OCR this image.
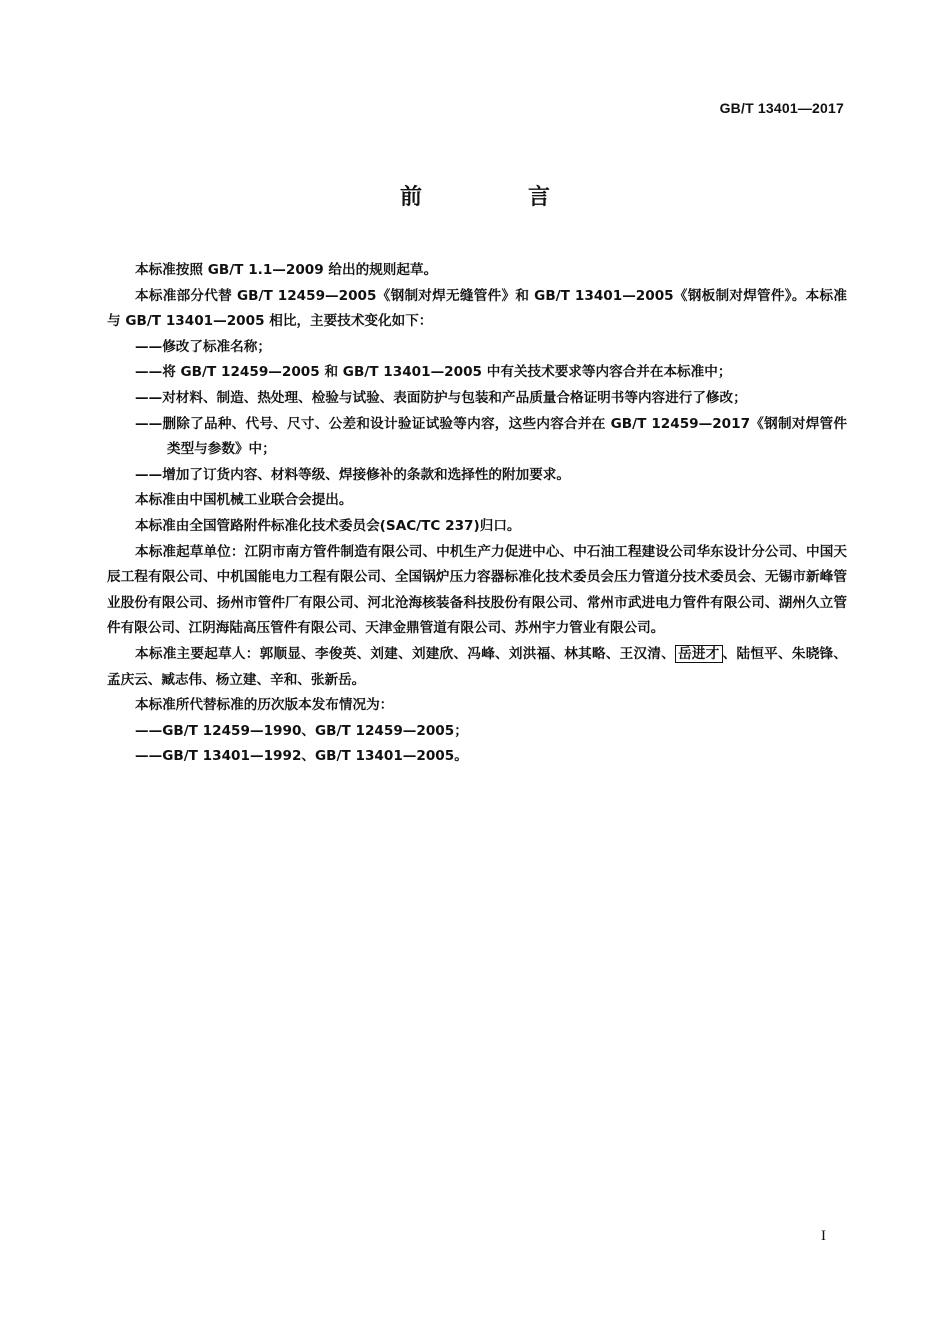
GB/T 13401—2017
前　言

本标准按照 GB/T 1.1—2009 给出的规则起草。

本标准部分代替 GB/T 12459—2005《钢制对焊无缝管件》和 GB/T 13401—2005《钢板制对焊管件》。本标准与 GB/T 13401—2005 相比，主要技术变化如下：

——修改了标准名称；

——将 GB/T 12459—2005 和 GB/T 13401—2005 中有关技术要求等内容合并在本标准中；

——对材料、制造、热处理、检验与试验、表面防护与包装和产品质量合格证明书等内容进行了修改；

——删除了品种、代号、尺寸、公差和设计验证试验等内容，这些内容合并在 GB/T 12459—2017《钢制对焊管件　类型与参数》中；

——增加了订货内容、材料等级、焊接修补的条款和选择性的附加要求。

本标准由中国机械工业联合会提出。

本标准由全国管路附件标准化技术委员会(SAC/TC 237)归口。

本标准起草单位：江阴市南方管件制造有限公司、中机生产力促进中心、中石油工程建设公司华东设计分公司、中国天辰工程有限公司、中机国能电力工程有限公司、全国锅炉压力容器标准化技术委员会压力管道分技术委员会、无锡市新峰管业股份有限公司、扬州市管件厂有限公司、河北沧海核装备科技股份有限公司、常州市武进电力管件有限公司、湖州久立管件有限公司、江阴海陆高压管件有限公司、天津金鼎管道有限公司、苏州宇力管业有限公司。

本标准主要起草人：郭顺显、李俊英、刘建、刘建欣、冯峰、刘洪福、林其略、王汉清、 岳进才 、陆恒平、朱晓锋、孟庆云、臧志伟、杨立建、辛和、张新岳。

本标准所代替标准的历次版本发布情况为：

——GB/T 12459—1990、GB/T 12459—2005；

——GB/T 13401—1992、GB/T 13401—2005。

I
